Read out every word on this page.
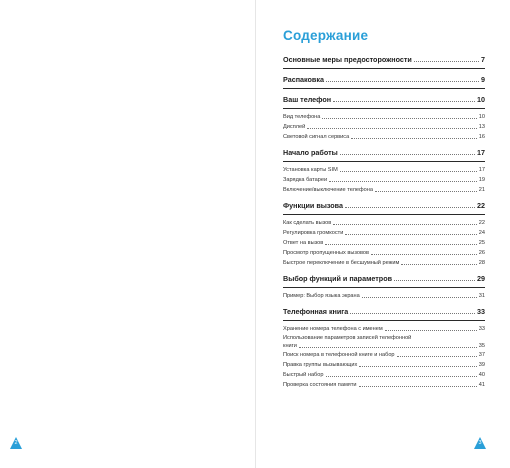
Содержание
Основные меры предосторожности	7
Распаковка	9
Ваш телефон	10
Вид телефона	10
Дисплей	13
Световой сигнал сервиса	16
Начало работы	17
Установка карты SIM	17
Зарядка батареи	19
Включение/выключение телефона	21
Функции вызова	22
Как сделать вызов	22
Регулировка громкости	24
Ответ на вызов	25
Просмотр пропущенных вызовов	26
Быстрое переключение в бесшумный режим	28
Выбор функций и параметров	29
Пример: Выбор языка экрана	31
Телефонная книга	33
Хранение номера телефона с именем	33
Использование параметров записей телефонной
книги	35
Поиск номера в телефонной книге и набор	37
Правка группы вызывающих	39
Быстрый набор	40
Проверка состояния памяти	41
2	3
